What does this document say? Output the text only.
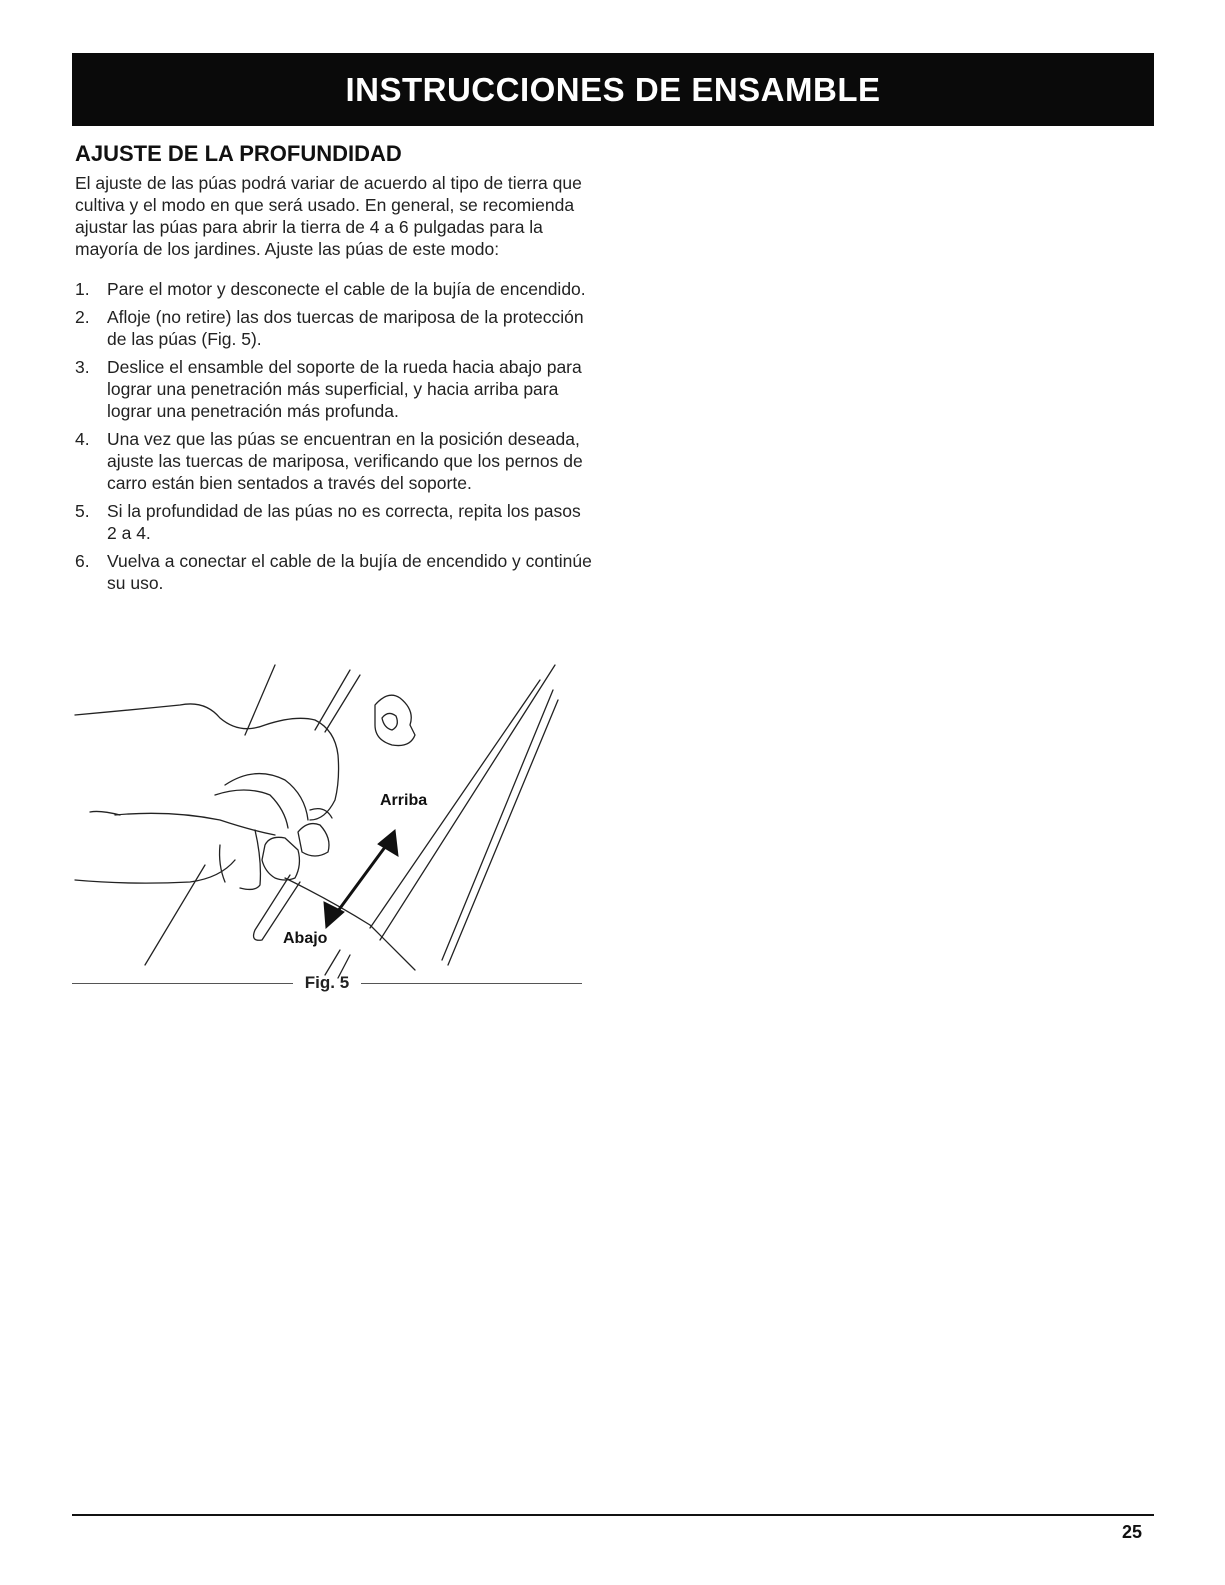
INSTRUCCIONES DE ENSAMBLE
AJUSTE DE LA PROFUNDIDAD

El ajuste de las púas podrá variar de acuerdo al tipo de tierra que cultiva y el modo en que será usado. En general, se recomienda ajustar las púas para abrir la tierra de 4 a 6 pulgadas para la mayoría de los jardines. Ajuste las púas de este modo:

1. Pare el motor y desconecte el cable de la bujía de encendido.
2. Afloje (no retire) las dos tuercas de mariposa de la protección de las púas (Fig. 5).
3. Deslice el ensamble del soporte de la rueda hacia abajo para lograr una penetración más superficial, y hacia arriba para lograr una penetración más profunda.
4. Una vez que las púas se encuentran en la posición deseada, ajuste las tuercas de mariposa, verificando que los pernos de carro están bien sentados a través del soporte.
5. Si la profundidad de las púas no es correcta, repita los pasos 2 a 4.
6. Vuelva a conectar el cable de la bujía de encendido y continúe su uso.
Arriba
Abajo
Fig. 5
25
